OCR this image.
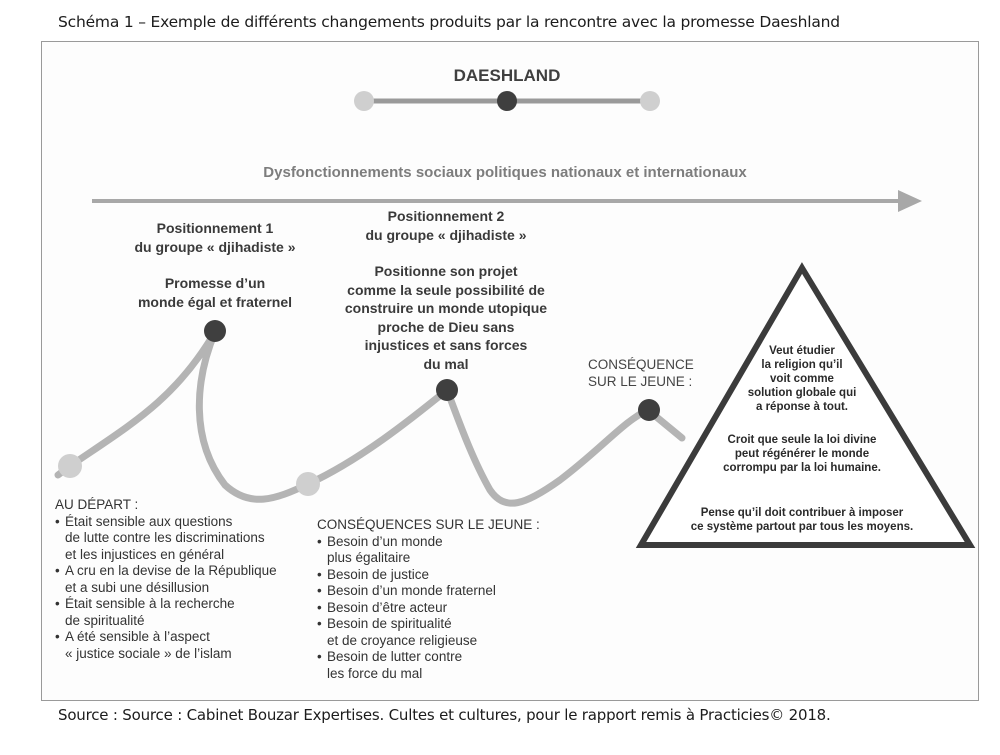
Schéma 1 – Exemple de différents changements produits par la rencontre avec la promesse Daeshland
DAESHLAND
Dysfonctionnements sociaux politiques nationaux et internationaux
Positionnement 1
du groupe « djihadiste »
Promesse d’un
monde égal et fraternel
Positionnement 2
du groupe « djihadiste »
Positionne son projet
comme la seule possibilité de
construire un monde utopique
proche de Dieu sans
injustices et sans forces
du mal	CONSÉQUENCE
SUR LE JEUNE :
AU DÉPART :
• Était sensible aux questions
de lutte contre les discriminations
et les injustices en général
• A cru en la devise de la République
et a subi une désillusion
• Était sensible à la recherche
de spiritualité
• A été sensible à l’aspect
« justice sociale » de l’islam
CONSÉQUENCES SUR LE JEUNE :
• Besoin d’un monde
plus égalitaire
• Besoin de justice
• Besoin d’un monde fraternel
• Besoin d’être acteur
• Besoin de spiritualité
et de croyance religieuse
• Besoin de lutter contre
les force du mal
Veut étudier
la religion qu’il
voit comme
solution globale qui
a réponse à tout.
Croit que seule la loi divine
peut régénérer le monde
corrompu par la loi humaine.
Pense qu’il doit contribuer à imposer
ce système partout par tous les moyens.
Source : Source : Cabinet Bouzar Expertises. Cultes et cultures, pour le rapport remis à Practicies© 2018.
